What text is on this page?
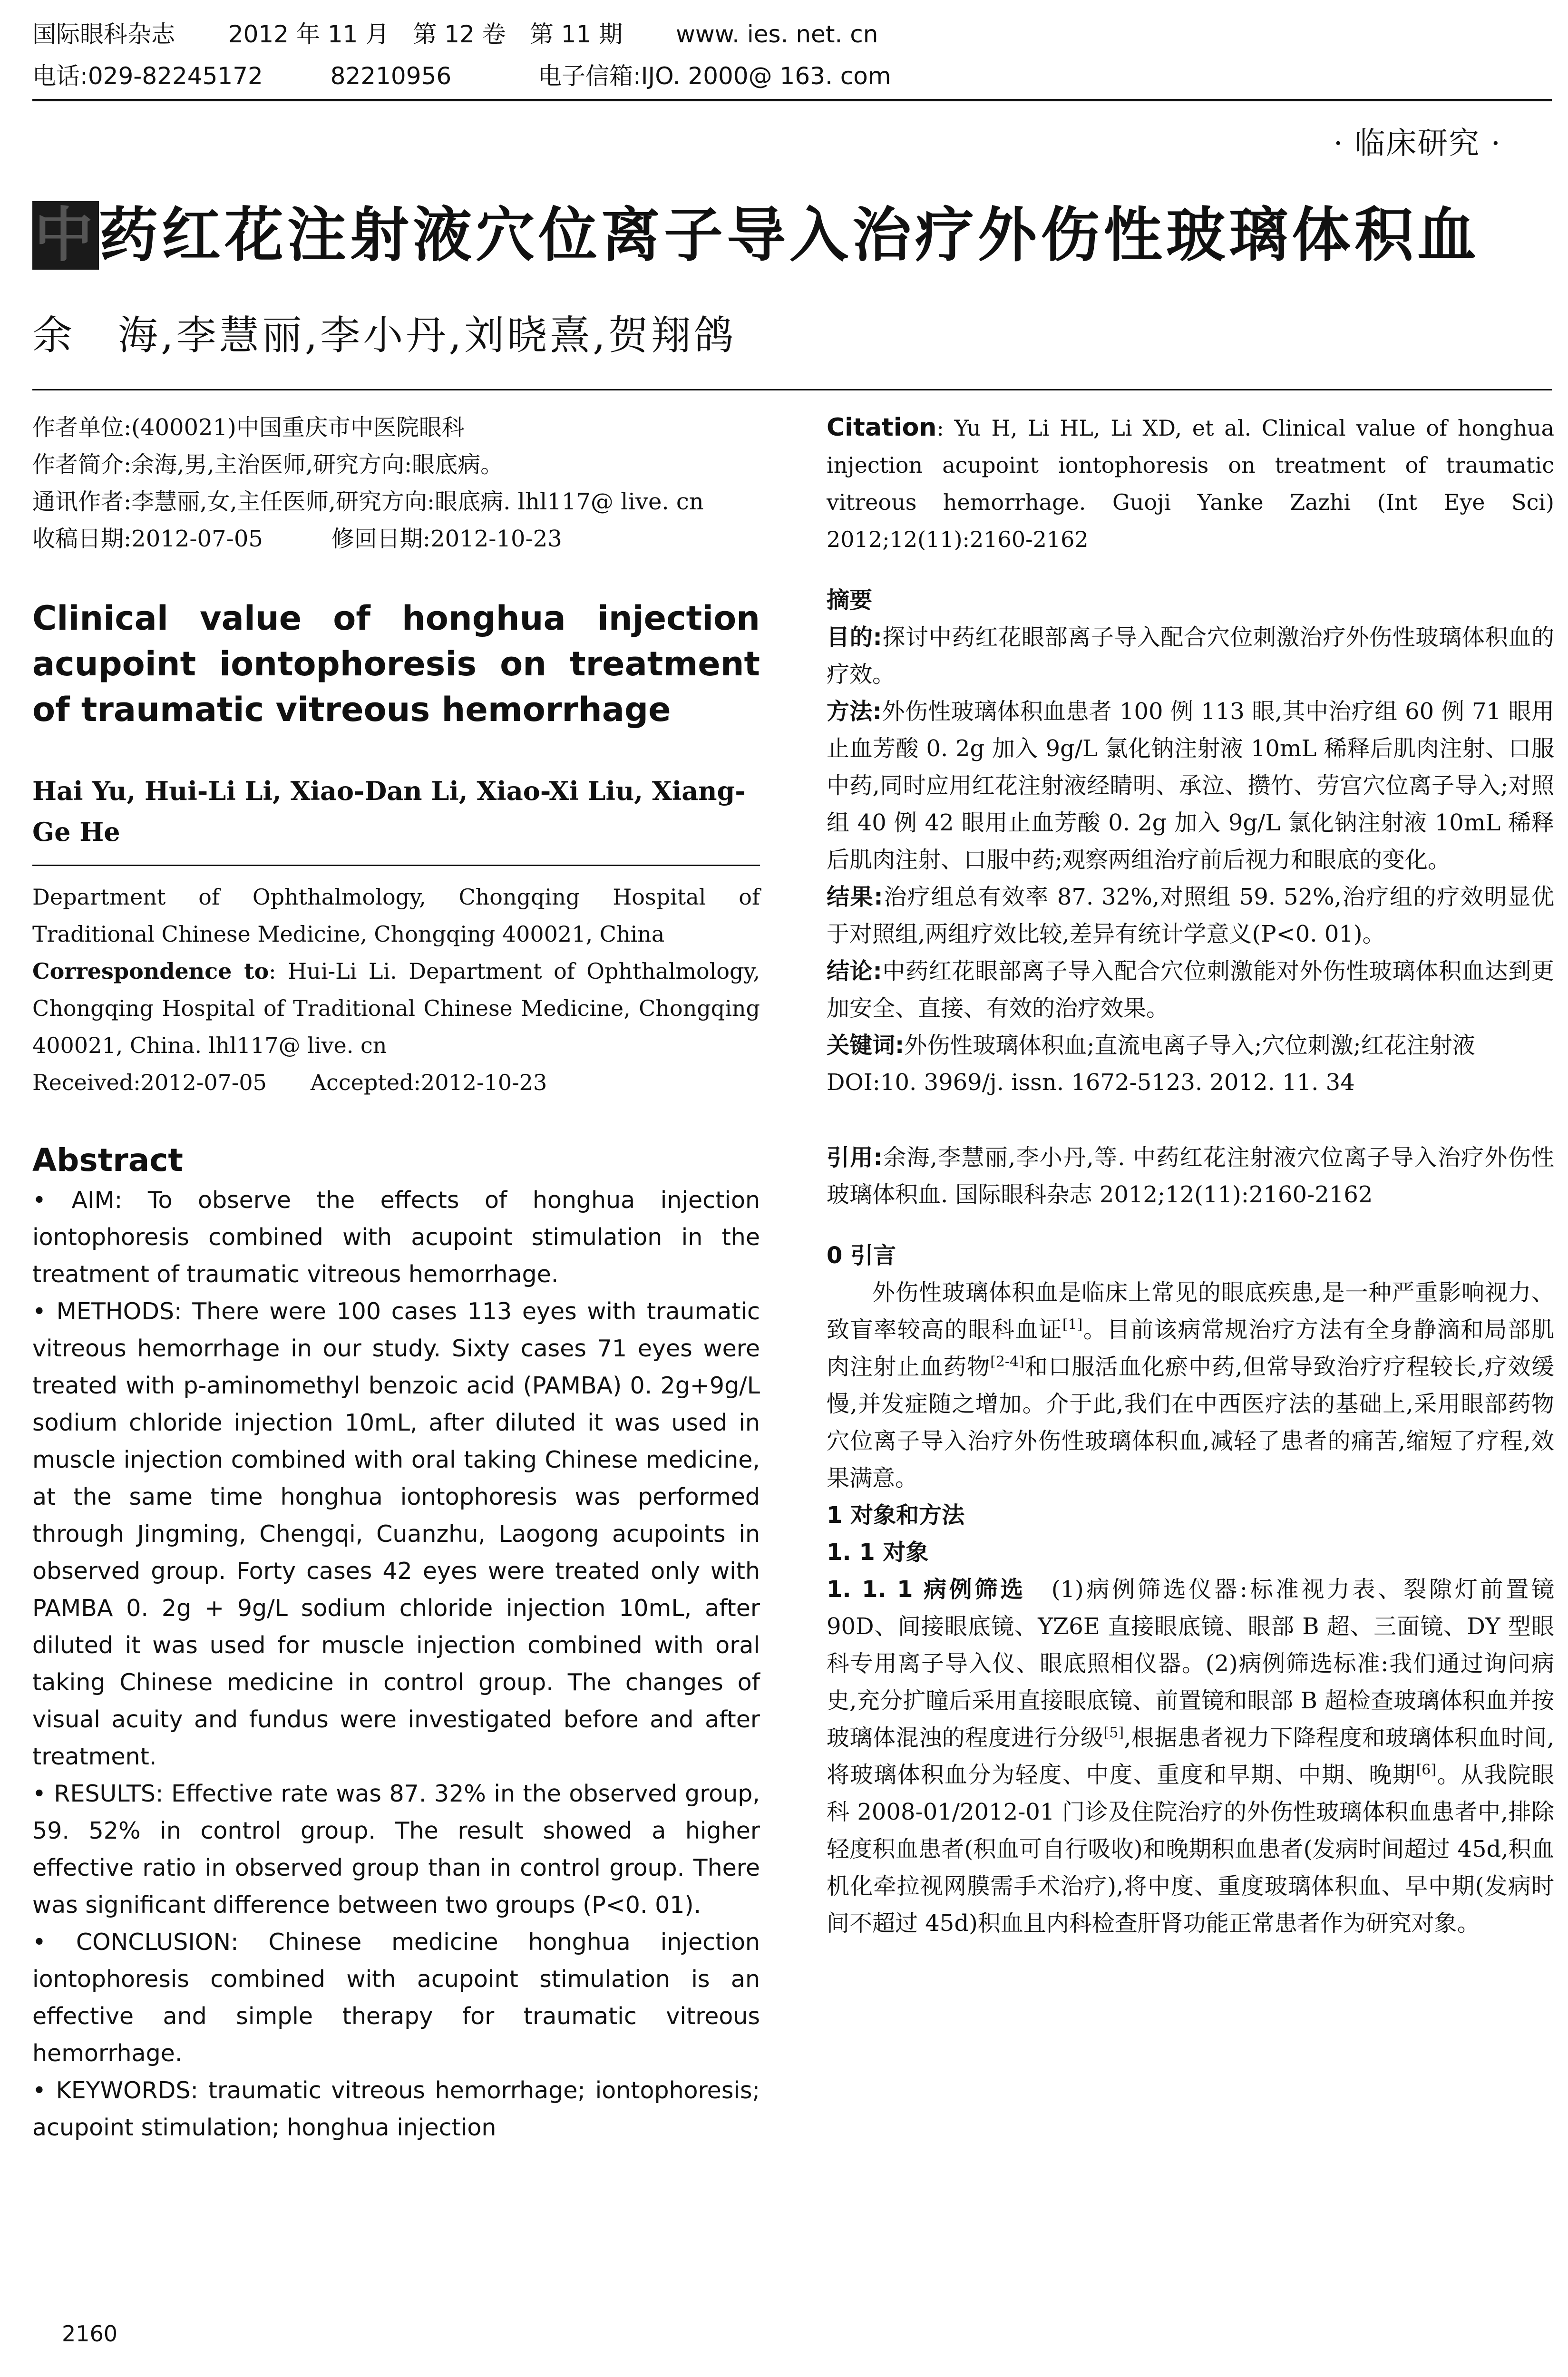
国际眼科杂志 2012 年 11 月　第 12 卷　第 11 期 www. ies. net. cn
电话:029-82245172	82210956	电子信箱:IJO. 2000@ 163. com
· 临床研究 ·
中药红花注射液穴位离子导入治疗外伤性玻璃体积血
余　海,李慧丽,李小丹,刘晓熹,贺翔鸽

作者单位:(400021)中国重庆市中医院眼科

作者简介:余海,男,主治医师,研究方向:眼底病。

通讯作者:李慧丽,女,主任医师,研究方向:眼底病. lhl117@ live. cn

收稿日期:2012-07-05　　　修回日期:2012-10-23

Clinical value of honghua injection acupoint iontophoresis on treatment of traumatic vitreous hemorrhage

Hai Yu, Hui-Li Li, Xiao-Dan Li, Xiao-Xi Liu, Xiang-Ge He

Department of Ophthalmology, Chongqing Hospital of Traditional Chinese Medicine, Chongqing 400021, China

Correspondence to: Hui-Li Li. Department of Ophthalmology, Chongqing Hospital of Traditional Chinese Medicine, Chongqing 400021, China. lhl117@ live. cn

Received:2012-07-05　　Accepted:2012-10-23

Abstract

• AIM: To observe the effects of honghua injection iontophoresis combined with acupoint stimulation in the treatment of traumatic vitreous hemorrhage.

• METHODS: There were 100 cases 113 eyes with traumatic vitreous hemorrhage in our study. Sixty cases 71 eyes were treated with p-aminomethyl benzoic acid (PAMBA) 0. 2g+9g/L sodium chloride injection 10mL, after diluted it was used in muscle injection combined with oral taking Chinese medicine, at the same time honghua iontophoresis was performed through Jingming, Chengqi, Cuanzhu, Laogong acupoints in observed group. Forty cases 42 eyes were treated only with PAMBA 0. 2g + 9g/L sodium chloride injection 10mL, after diluted it was used for muscle injection combined with oral taking Chinese medicine in control group. The changes of visual acuity and fundus were investigated before and after treatment.

• RESULTS: Effective rate was 87. 32% in the observed group, 59. 52% in control group. The result showed a higher effective ratio in observed group than in control group. There was significant difference between two groups (P<0. 01).

• CONCLUSION: Chinese medicine honghua injection iontophoresis combined with acupoint stimulation is an effective and simple therapy for traumatic vitreous hemorrhage.

• KEYWORDS: traumatic vitreous hemorrhage; iontophoresis; acupoint stimulation; honghua injection

Citation: Yu H, Li HL, Li XD, et al. Clinical value of honghua injection acupoint iontophoresis on treatment of traumatic vitreous hemorrhage. Guoji Yanke Zazhi (Int Eye Sci) 2012;12(11):2160-2162

摘要

目的:探讨中药红花眼部离子导入配合穴位刺激治疗外伤性玻璃体积血的疗效。

方法:外伤性玻璃体积血患者 100 例 113 眼,其中治疗组 60 例 71 眼用止血芳酸 0. 2g 加入 9g/L 氯化钠注射液 10mL 稀释后肌肉注射、口服中药,同时应用红花注射液经睛明、承泣、攒竹、劳宫穴位离子导入;对照组 40 例 42 眼用止血芳酸 0. 2g 加入 9g/L 氯化钠注射液 10mL 稀释后肌肉注射、口服中药;观察两组治疗前后视力和眼底的变化。

结果:治疗组总有效率 87. 32%,对照组 59. 52%,治疗组的疗效明显优于对照组,两组疗效比较,差异有统计学意义(P<0. 01)。

结论:中药红花眼部离子导入配合穴位刺激能对外伤性玻璃体积血达到更加安全、直接、有效的治疗效果。

关键词:外伤性玻璃体积血;直流电离子导入;穴位刺激;红花注射液

DOI:10. 3969/j. issn. 1672-5123. 2012. 11. 34

引用:余海,李慧丽,李小丹,等. 中药红花注射液穴位离子导入治疗外伤性玻璃体积血. 国际眼科杂志 2012;12(11):2160-2162

0 引言

外伤性玻璃体积血是临床上常见的眼底疾患,是一种严重影响视力、致盲率较高的眼科血证[1]。目前该病常规治疗方法有全身静滴和局部肌肉注射止血药物[2-4]和口服活血化瘀中药,但常导致治疗疗程较长,疗效缓慢,并发症随之增加。介于此,我们在中西医疗法的基础上,采用眼部药物穴位离子导入治疗外伤性玻璃体积血,减轻了患者的痛苦,缩短了疗程,效果满意。

1 对象和方法

1. 1 对象

1. 1. 1 病例筛选　(1)病例筛选仪器:标准视力表、裂隙灯前置镜 90D、间接眼底镜、YZ6E 直接眼底镜、眼部 B 超、三面镜、DY 型眼科专用离子导入仪、眼底照相仪器。(2)病例筛选标准:我们通过询问病史,充分扩瞳后采用直接眼底镜、前置镜和眼部 B 超检查玻璃体积血并按玻璃体混浊的程度进行分级[5],根据患者视力下降程度和玻璃体积血时间,将玻璃体积血分为轻度、中度、重度和早期、中期、晚期[6]。从我院眼科 2008-01/2012-01 门诊及住院治疗的外伤性玻璃体积血患者中,排除轻度积血患者(积血可自行吸收)和晚期积血患者(发病时间超过 45d,积血机化牵拉视网膜需手术治疗),将中度、重度玻璃体积血、早中期(发病时间不超过 45d)积血且内科检查肝肾功能正常患者作为研究对象。

2160
